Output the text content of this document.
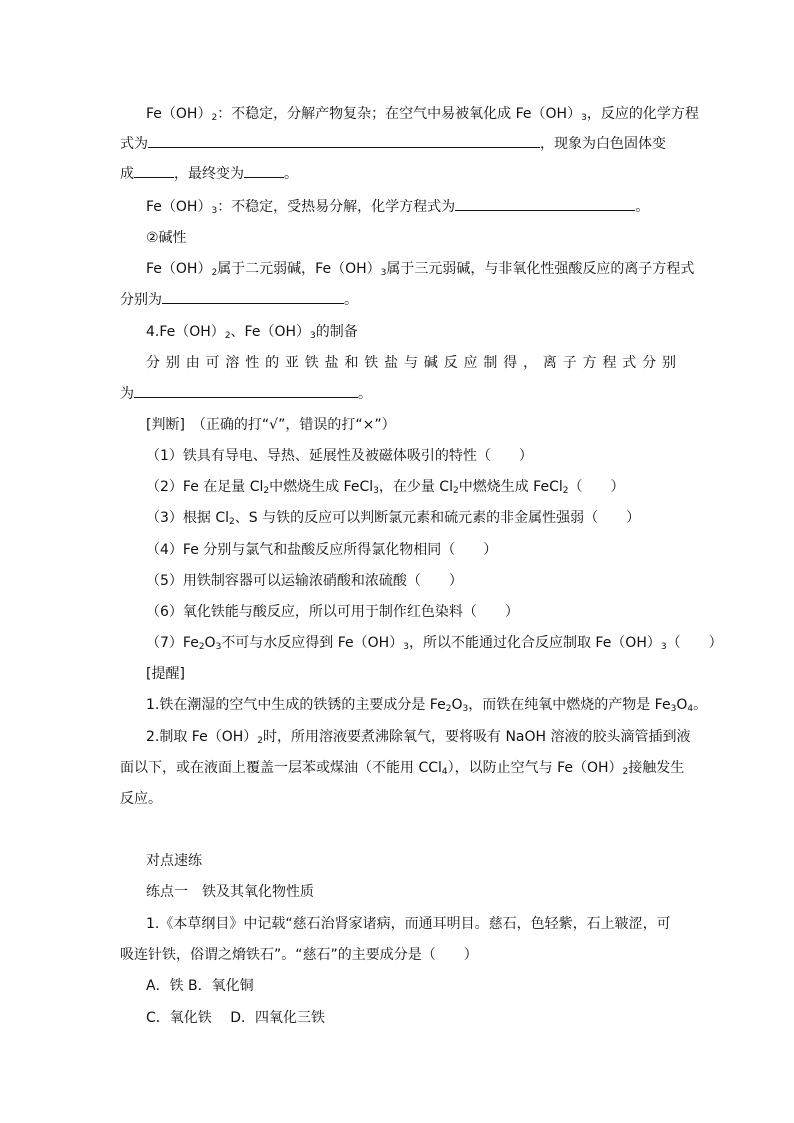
$Fe(OH)_2$：不稳定，分解产物复杂；在空气中易被氧化成 $Fe(OH)_3$，反应的化学方程
式为	，现象为白色固体变
成	，最终变为	。
$Fe(OH)_3$：不稳定，受热易分解，化学方程式为	。
②碱性
$Fe(OH)_2$属于二元弱碱，$Fe(OH)_3$属于三元弱碱，与非氧化性强酸反应的离子方程式
分别为	。
$4.Fe(OH)_2$、$Fe(OH)_3$的制备
分别由可溶性的亚铁盐和铁盐与碱反应制得，离子方程式分别
为	。
[判断]　（正确的打“√”，错误的打“×”）
（1）铁具有导电、导热、延展性及被磁体吸引的特性（　　）
（2）Fe 在足量 $Cl_2$中燃烧生成 FeCl$_3$，在少量 $Cl_2$中燃烧生成 FeCl$_2$（　　）
（3）根据 $Cl_2$、S 与铁的反应可以判断氯元素和硫元素的非金属性强弱（　　）
（4）Fe 分别与氯气和盐酸反应所得氯化物相同（　　）
（5）用铁制容器可以运输浓硝酸和浓硫酸（　　）
（6）氧化铁能与酸反应，所以可用于制作红色染料（　　）
$(7)Fe_2O_3$不可与水反应得到 $Fe(OH)_3$，所以不能通过化合反应制取 $Fe(OH)_3$（　　）
[提醒]
1.铁在潮湿的空气中生成的铁锈的主要成分是 $Fe_2O_3$，而铁在纯氧中燃烧的产物是 $Fe_3O_4$。
2.制取 $Fe(OH)_2$时，所用溶液要煮沸除氧气，要将吸有 NaOH 溶液的胶头滴管插到液
面以下，或在液面上覆盖一层苯或煤油（不能用 CCl$_4$），以防止空气与 $Fe(OH)_2$接触发生
反应。
对点速练
练点一　铁及其氧化物性质
1.《本草纲目》中记载“慈石治肾家诸病，而通耳明目。慈石，色轻紫，石上皲涩，可
吸连针铁，俗谓之熁铁石”。“慈石”的主要成分是（　　）
A．铁 B．氧化铜
C．氧化铁　 D．四氧化三铁
